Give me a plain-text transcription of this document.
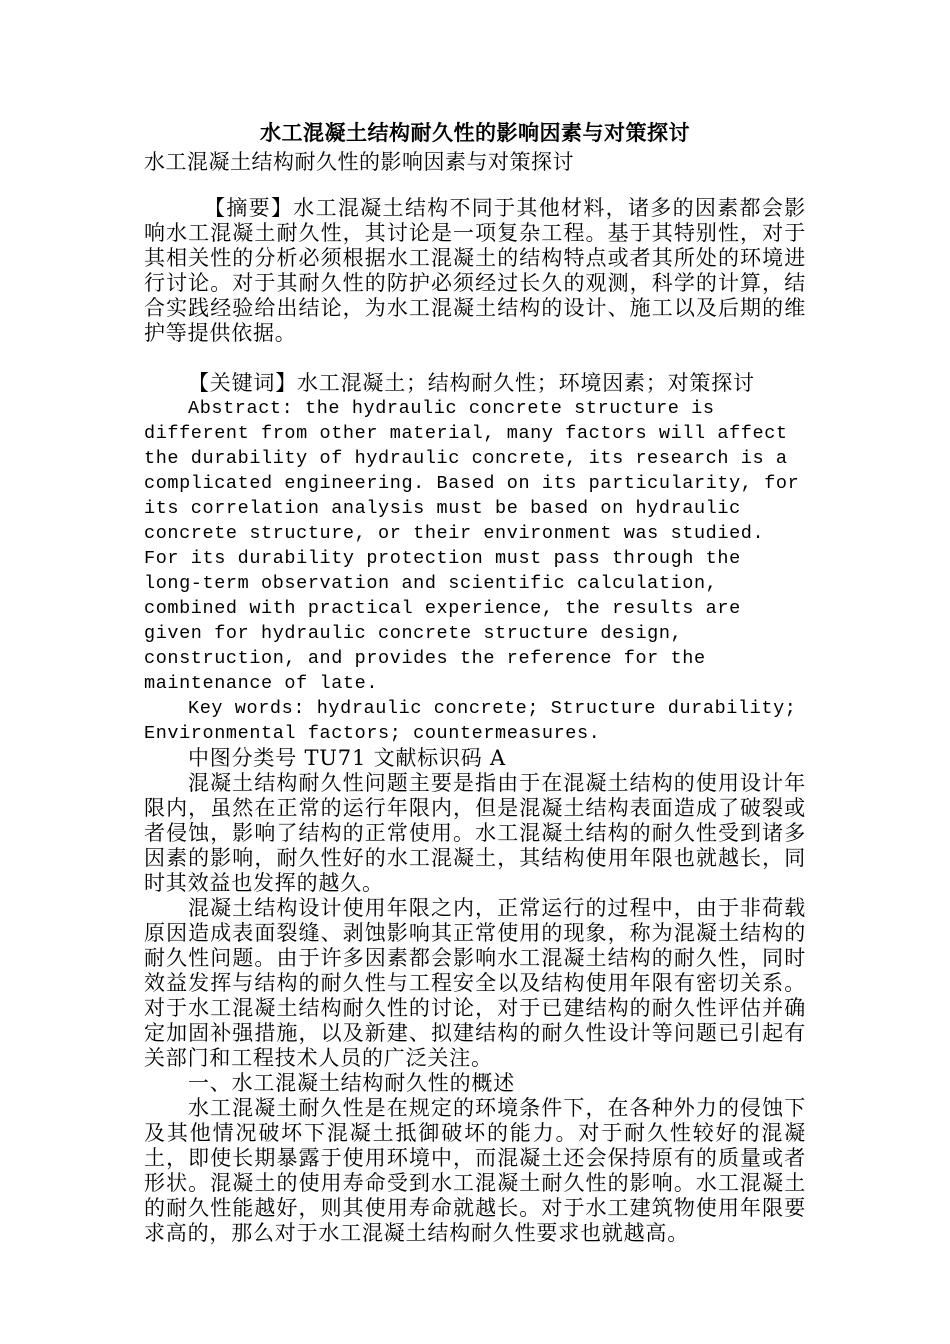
水工混凝土结构耐久性的影响因素与对策探讨

水工混凝土结构耐久性的影响因素与对策探讨

【摘要】水工混凝土结构不同于其他材料，诸多的因素都会影响水工混凝土耐久性，其讨论是一项复杂工程。基于其特别性，对于其相关性的分析必须根据水工混凝土的结构特点或者其所处的环境进行讨论。对于其耐久性的防护必须经过长久的观测，科学的计算，结合实践经验给出结论，为水工混凝土结构的设计、施工以及后期的维护等提供依据。

【关键词】水工混凝土；结构耐久性；环境因素；对策探讨

Abstract: the hydraulic concrete structure is different from other material, many factors will affect the durability of hydraulic concrete, its research is a complicated engineering. Based on its particularity, for its correlation analysis must be based on hydraulic concrete structure, or their environment was studied. For its durability protection must pass through the long-term observation and scientific calculation, combined with practical experience, the results are given for hydraulic concrete structure design, construction, and provides the reference for the maintenance of late.

Key words: hydraulic concrete; Structure durability; Environmental factors; countermeasures.

中图分类号 TU71 文献标识码 A

混凝土结构耐久性问题主要是指由于在混凝土结构的使用设计年限内，虽然在正常的运行年限内，但是混凝土结构表面造成了破裂或者侵蚀，影响了结构的正常使用。水工混凝土结构的耐久性受到诸多因素的影响，耐久性好的水工混凝土，其结构使用年限也就越长，同时其效益也发挥的越久。

混凝土结构设计使用年限之内，正常运行的过程中，由于非荷载原因造成表面裂缝、剥蚀影响其正常使用的现象，称为混凝土结构的耐久性问题。由于许多因素都会影响水工混凝土结构的耐久性，同时效益发挥与结构的耐久性与工程安全以及结构使用年限有密切关系。对于水工混凝土结构耐久性的讨论，对于已建结构的耐久性评估并确定加固补强措施，以及新建、拟建结构的耐久性设计等问题已引起有关部门和工程技术人员的广泛关注。

一、水工混凝土结构耐久性的概述

水工混凝土耐久性是在规定的环境条件下，在各种外力的侵蚀下及其他情况破坏下混凝土抵御破坏的能力。对于耐久性较好的混凝土，即使长期暴露于使用环境中，而混凝土还会保持原有的质量或者形状。混凝土的使用寿命受到水工混凝土耐久性的影响。水工混凝土的耐久性能越好，则其使用寿命就越长。对于水工建筑物使用年限要求高的，那么对于水工混凝土结构耐久性要求也就越高。
